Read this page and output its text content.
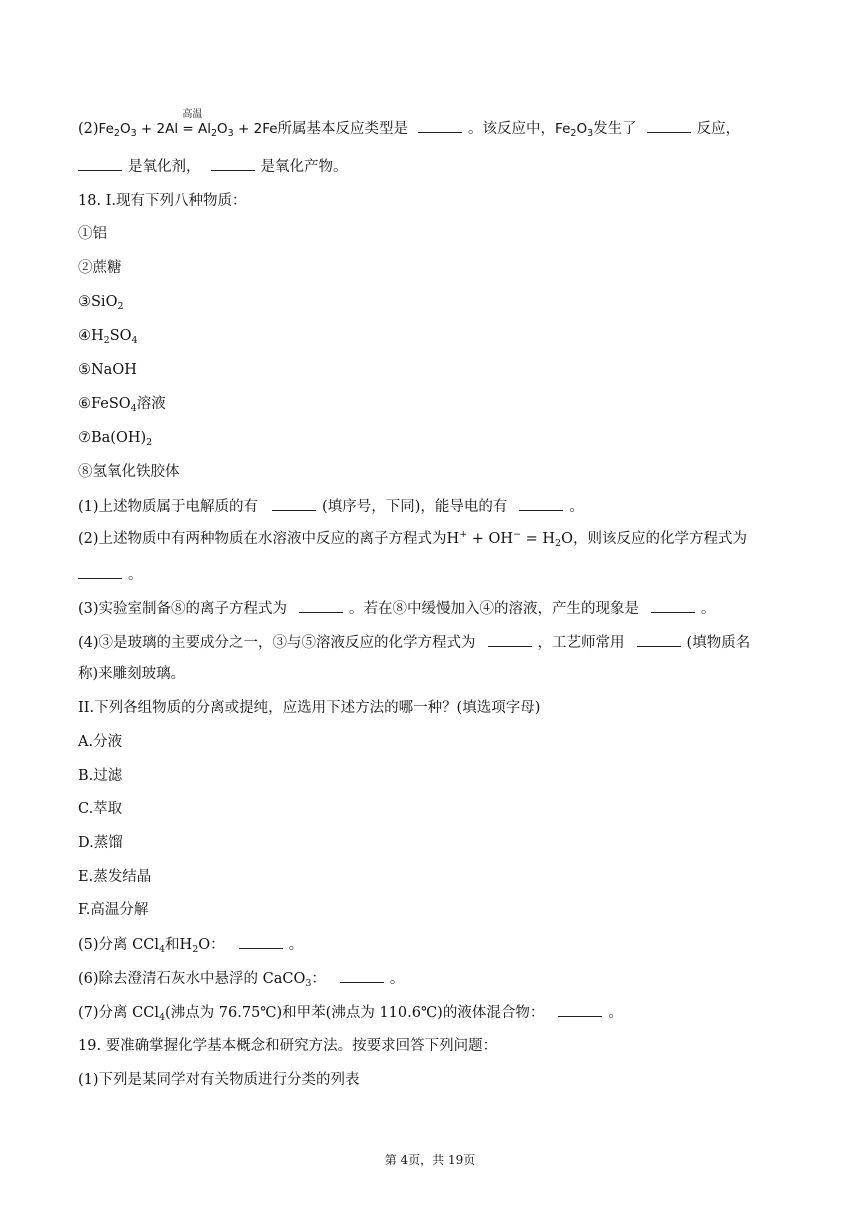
$(2)Fe_2O_3 + 2Al$
高温
= $Al_2O_3 + 2Fe$所属基本反应类型是	。该反应中，$Fe_2O_3$发生了	反应，
是氧化剂，	是氧化产物。
18. I.现有下列八种物质：
①铝
②蔗糖
③SiO$_2$
$④H_2SO_4$
⑤NaOH
⑥FeSO$_4$溶液
$⑦Ba(OH)_2$
⑧氢氧化铁胶体
(1)上述物质属于电解质的有	(填序号，下同)，能导电的有	。
(2)上述物质中有两种物质在水溶液中反应的离子方程式为$H^+ + OH^- = H_2O$，则该反应的化学方程式为
。
(3)实验室制备⑧的离子方程式为	。若在⑧中缓慢加入④的溶液，产生的现象是	。
(4)③是玻璃的主要成分之一，③与⑤溶液反应的化学方程式为	，工艺师常用	(填物质名
称)来雕刻玻璃。
II.下列各组物质的分离或提纯，应选用下述方法的哪一种？(填选项字母)
A.分液
B.过滤
C.萃取
D.蒸馏
E.蒸发结晶
F.高温分解
(5)分离 CCl$_4$和$H_2O$：	。
(6)除去澄清石灰水中悬浮的 CaCO$_3$：	。
(7)分离 CCl$_4$(沸点为 76.75℃)和甲苯(沸点为 110.6℃)的液体混合物：	。
19. 要准确掌握化学基本概念和研究方法。按要求回答下列问题：
(1)下列是某同学对有关物质进行分类的列表
第 4页，共 19页
